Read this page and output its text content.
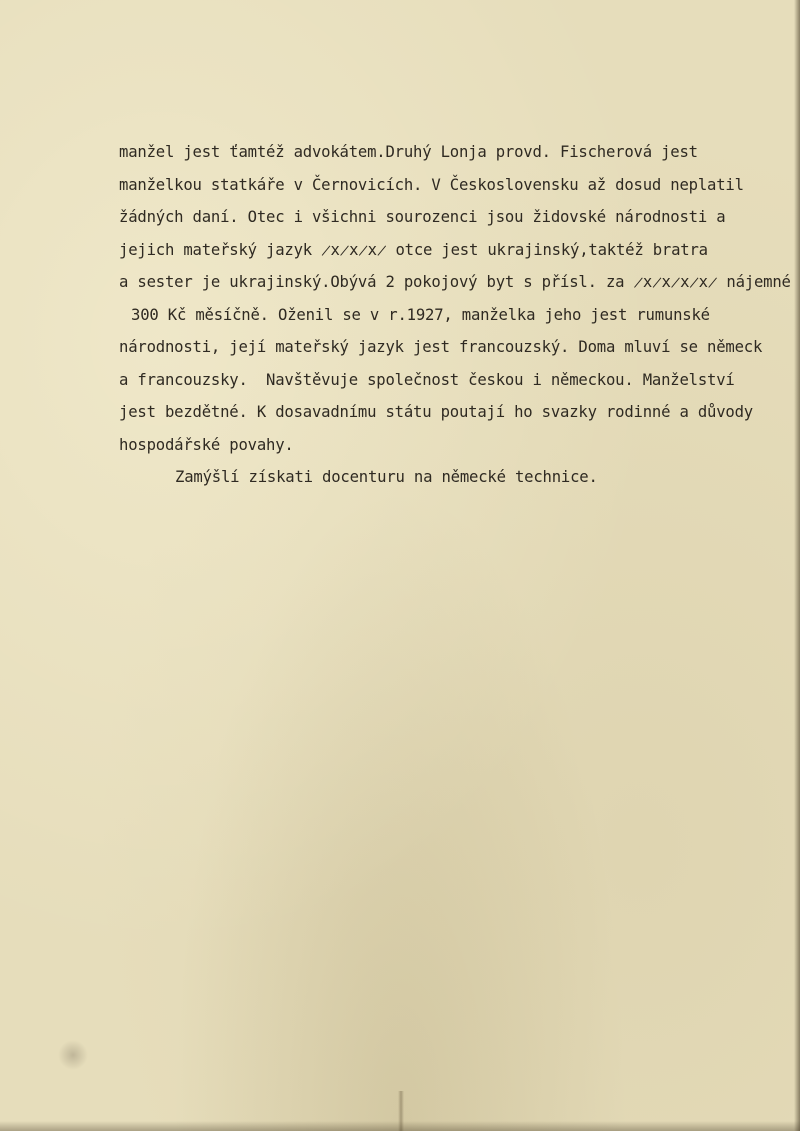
manžel jest ťamtéž advokátem.Druhý Lonja provd. Fischerová jest
manželkou statkáře v Černovicích. V Československu až dosud neplatil
žádných daní. Otec i všichni sourozenci jsou židovské národnosti a
jejich mateřský jazyk ̷x̷x̷x̷ otce jest ukrajinský,taktéž bratra
a sester je ukrajinský.Obývá 2 pokojový byt s přísl. za ̷x̷x̷x̷x̷ nájemné
300 Kč měsíčně. Oženil se v r.1927, manželka jeho jest rumunské
národnosti, její mateřský jazyk jest francouzský. Doma mluví se německ
a francouzsky.  Navštěvuje společnost českou i německou. Manželství
jest bezdětné. K dosavadnímu státu poutají ho svazky rodinné a důvody
hospodářské povahy.
Zamýšlí získati docenturu na německé technice.
